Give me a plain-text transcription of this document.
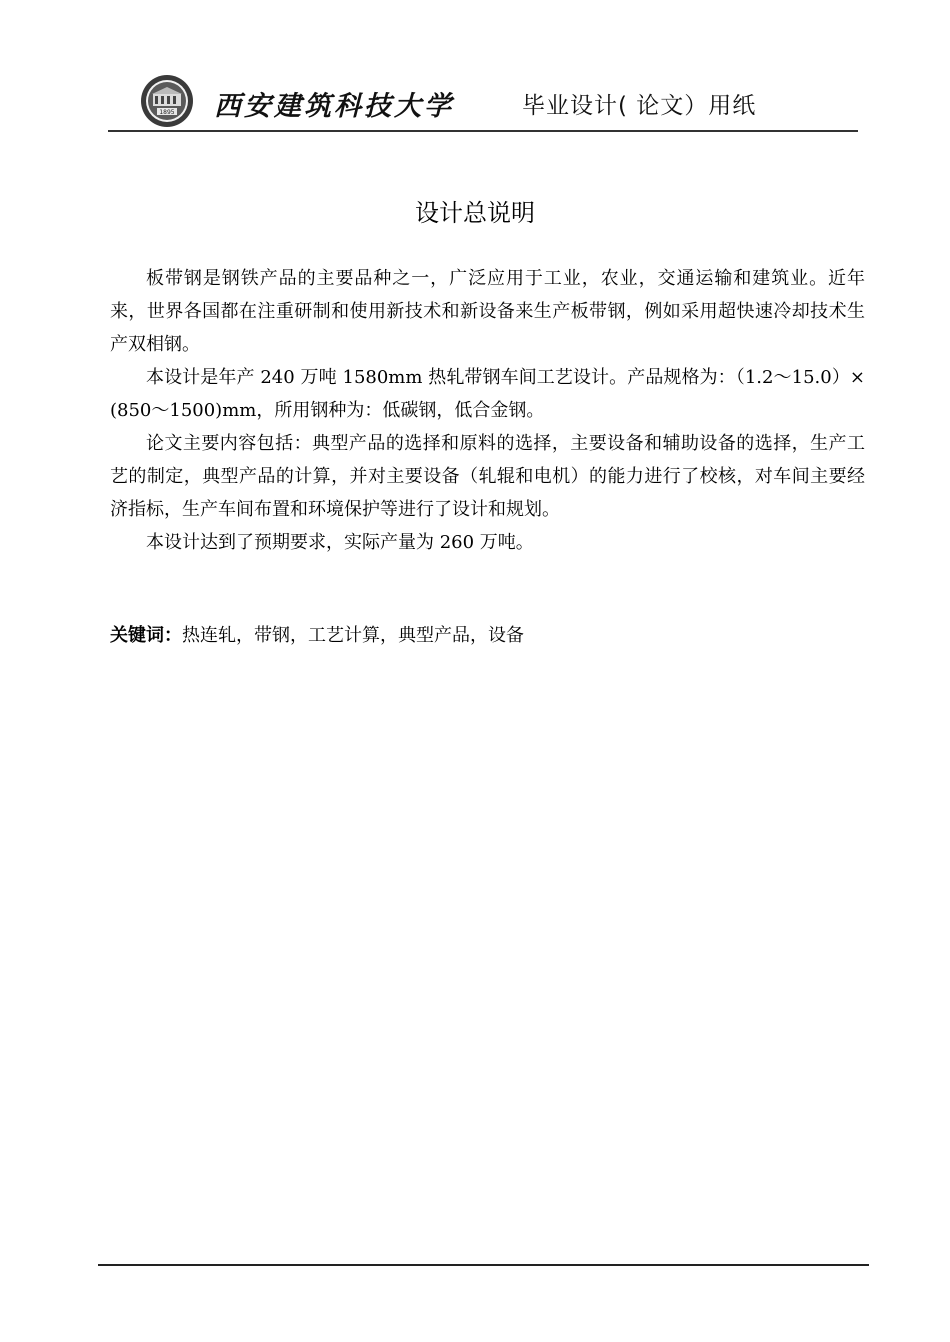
1895 西安建筑科技大学	毕业设计( 论文）用纸
设计总说明

板带钢是钢铁产品的主要品种之一，广泛应用于工业，农业，交通运输和建筑业。近年来，世界各国都在注重研制和使用新技术和新设备来生产板带钢，例如采用超快速冷却技术生产双相钢。

本设计是年产 240 万吨 1580mm 热轧带钢车间工艺设计。产品规格为：（1.2～15.0）× (850～1500)mm，所用钢种为：低碳钢，低合金钢。

论文主要内容包括：典型产品的选择和原料的选择，主要设备和辅助设备的选择，生产工艺的制定，典型产品的计算，并对主要设备（轧辊和电机）的能力进行了校核，对车间主要经济指标，生产车间布置和环境保护等进行了设计和规划。

本设计达到了预期要求，实际产量为 260 万吨。

关键词：热连轧，带钢，工艺计算，典型产品，设备
